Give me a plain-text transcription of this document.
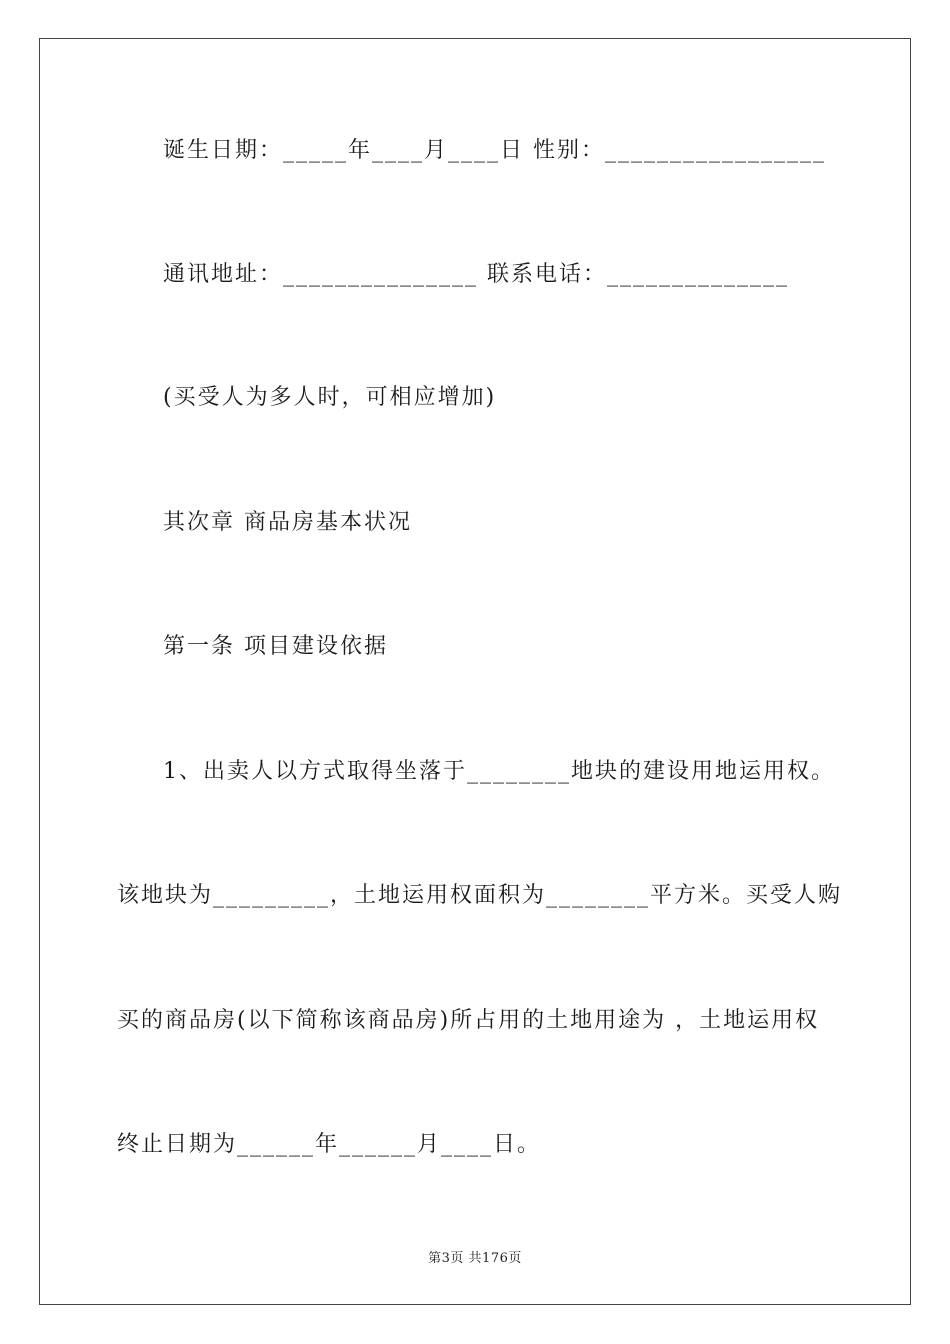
诞生日期：_____年____月____日 性别：_________________
通讯地址：_______________ 联系电话：______________
(买受人为多人时，可相应增加)
其次章 商品房基本状况
第一条 项目建设依据
1、出卖人以方式取得坐落于________地块的建设用地运用权。
该地块为_________，土地运用权面积为________平方米。买受人购
买的商品房(以下简称该商品房)所占用的土地用途为 ，土地运用权
终止日期为______年______月____日。
第3页 共176页
